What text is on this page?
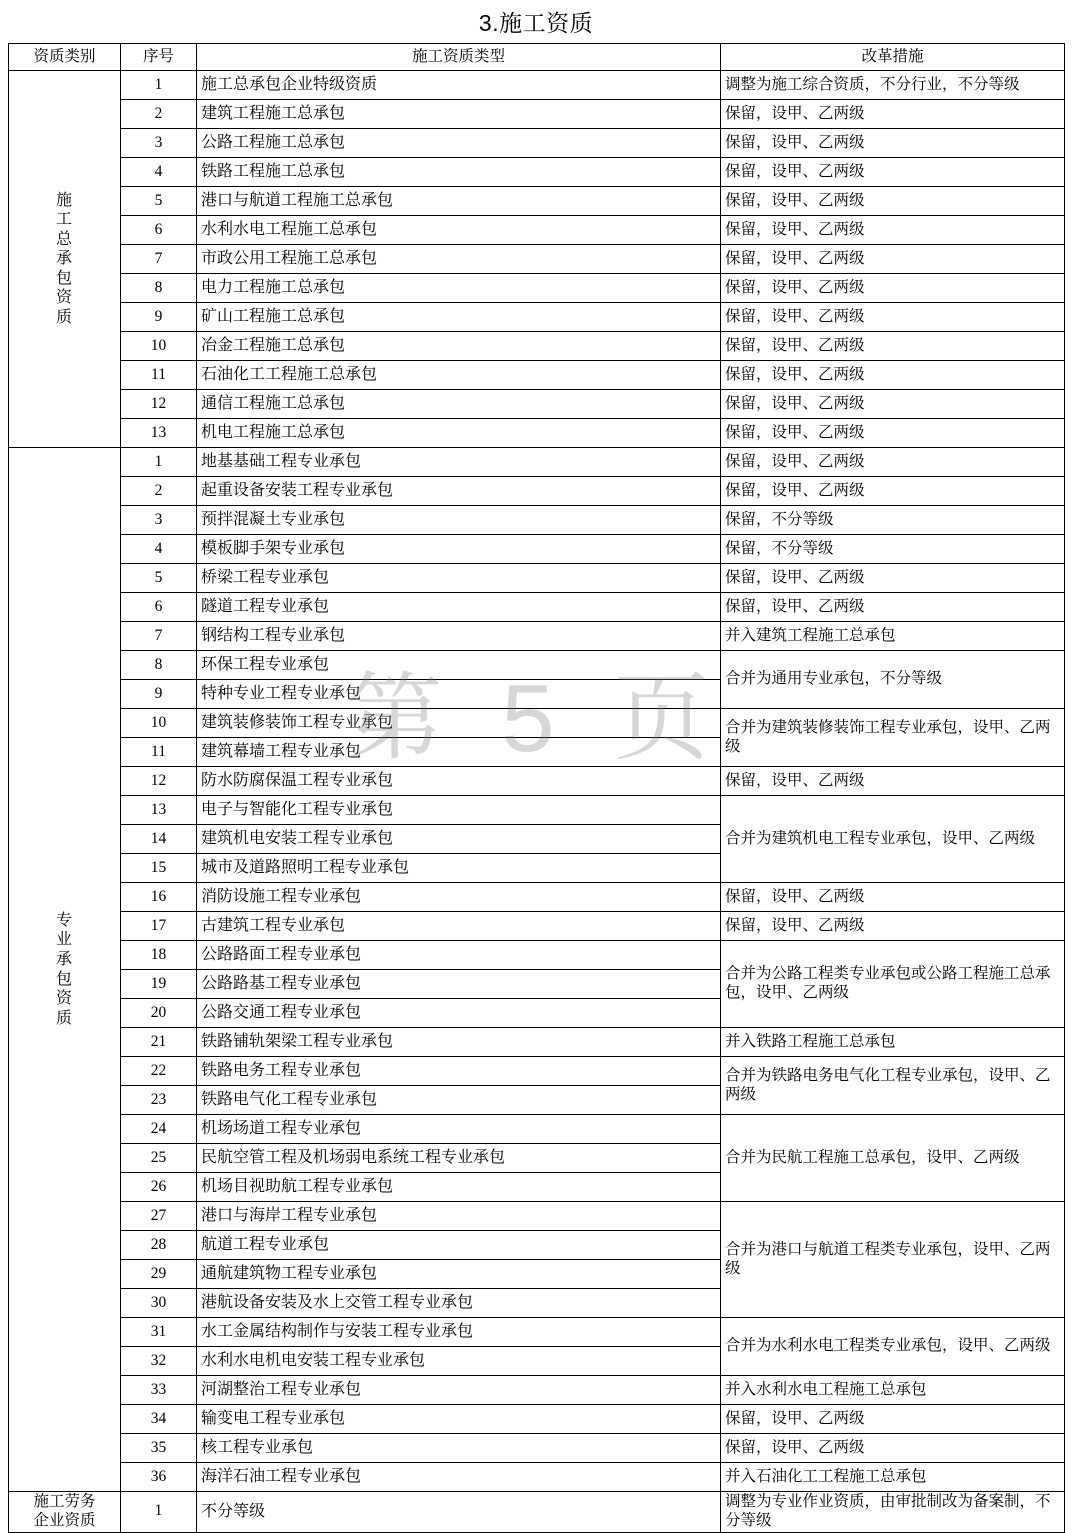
3.施工资质
资质类别	序号	施工资质类型	改革措施

施
工
总
承
包
资
质
	1	施工总承包企业特级资质	调整为施工综合资质，不分行业，不分等级
	2	建筑工程施工总承包	保留，设甲、乙两级
	3	公路工程施工总承包	保留，设甲、乙两级
	4	铁路工程施工总承包	保留，设甲、乙两级
	5	港口与航道工程施工总承包	保留，设甲、乙两级
	6	水利水电工程施工总承包	保留，设甲、乙两级
	7	市政公用工程施工总承包	保留，设甲、乙两级
	8	电力工程施工总承包	保留，设甲、乙两级
	9	矿山工程施工总承包	保留，设甲、乙两级
	10	冶金工程施工总承包	保留，设甲、乙两级
	11	石油化工工程施工总承包	保留，设甲、乙两级
	12	通信工程施工总承包	保留，设甲、乙两级
	13	机电工程施工总承包	保留，设甲、乙两级

专
业
承
包
资
质
	1	地基基础工程专业承包	保留，设甲、乙两级
	2	起重设备安装工程专业承包	保留，设甲、乙两级
	3	预拌混凝土专业承包	保留，不分等级
	4	模板脚手架专业承包	保留，不分等级
	5	桥梁工程专业承包	保留，设甲、乙两级
	6	隧道工程专业承包	保留，设甲、乙两级
	7	钢结构工程专业承包	并入建筑工程施工总承包
	8	环保工程专业承包	合并为通用专业承包，不分等级
	9	特种专业工程专业承包	
	10	建筑装修装饰工程专业承包	合并为建筑装修装饰工程专业承包，设甲、乙两级
	11	建筑幕墙工程专业承包	
	12	防水防腐保温工程专业承包	保留，设甲、乙两级
	13	电子与智能化工程专业承包	合并为建筑机电工程专业承包，设甲、乙两级
	14	建筑机电安装工程专业承包	
	15	城市及道路照明工程专业承包	
	16	消防设施工程专业承包	保留，设甲、乙两级
	17	古建筑工程专业承包	保留，设甲、乙两级
	18	公路路面工程专业承包	合并为公路工程类专业承包或公路工程施工总承包，设甲、乙两级
	19	公路路基工程专业承包	
	20	公路交通工程专业承包	
	21	铁路铺轨架梁工程专业承包	并入铁路工程施工总承包
	22	铁路电务工程专业承包	合并为铁路电务电气化工程专业承包，设甲、乙两级
	23	铁路电气化工程专业承包	
	24	机场场道工程专业承包	合并为民航工程施工总承包，设甲、乙两级
	25	民航空管工程及机场弱电系统工程专业承包	
	26	机场目视助航工程专业承包	
	27	港口与海岸工程专业承包	合并为港口与航道工程类专业承包，设甲、乙两级
	28	航道工程专业承包	
	29	通航建筑物工程专业承包	
	30	港航设备安装及水上交管工程专业承包	
	31	水工金属结构制作与安装工程专业承包	合并为水利水电工程类专业承包，设甲、乙两级
	32	水利水电机电安装工程专业承包	
	33	河湖整治工程专业承包	并入水利水电工程施工总承包
	34	输变电工程专业承包	保留，设甲、乙两级
	35	核工程专业承包	保留，设甲、乙两级
	36	海洋石油工程专业承包	并入石油化工工程施工总承包

施工劳务
企业资质	1	不分等级	调整为专业作业资质，由审批制改为备案制，不分等级
第 5 页
